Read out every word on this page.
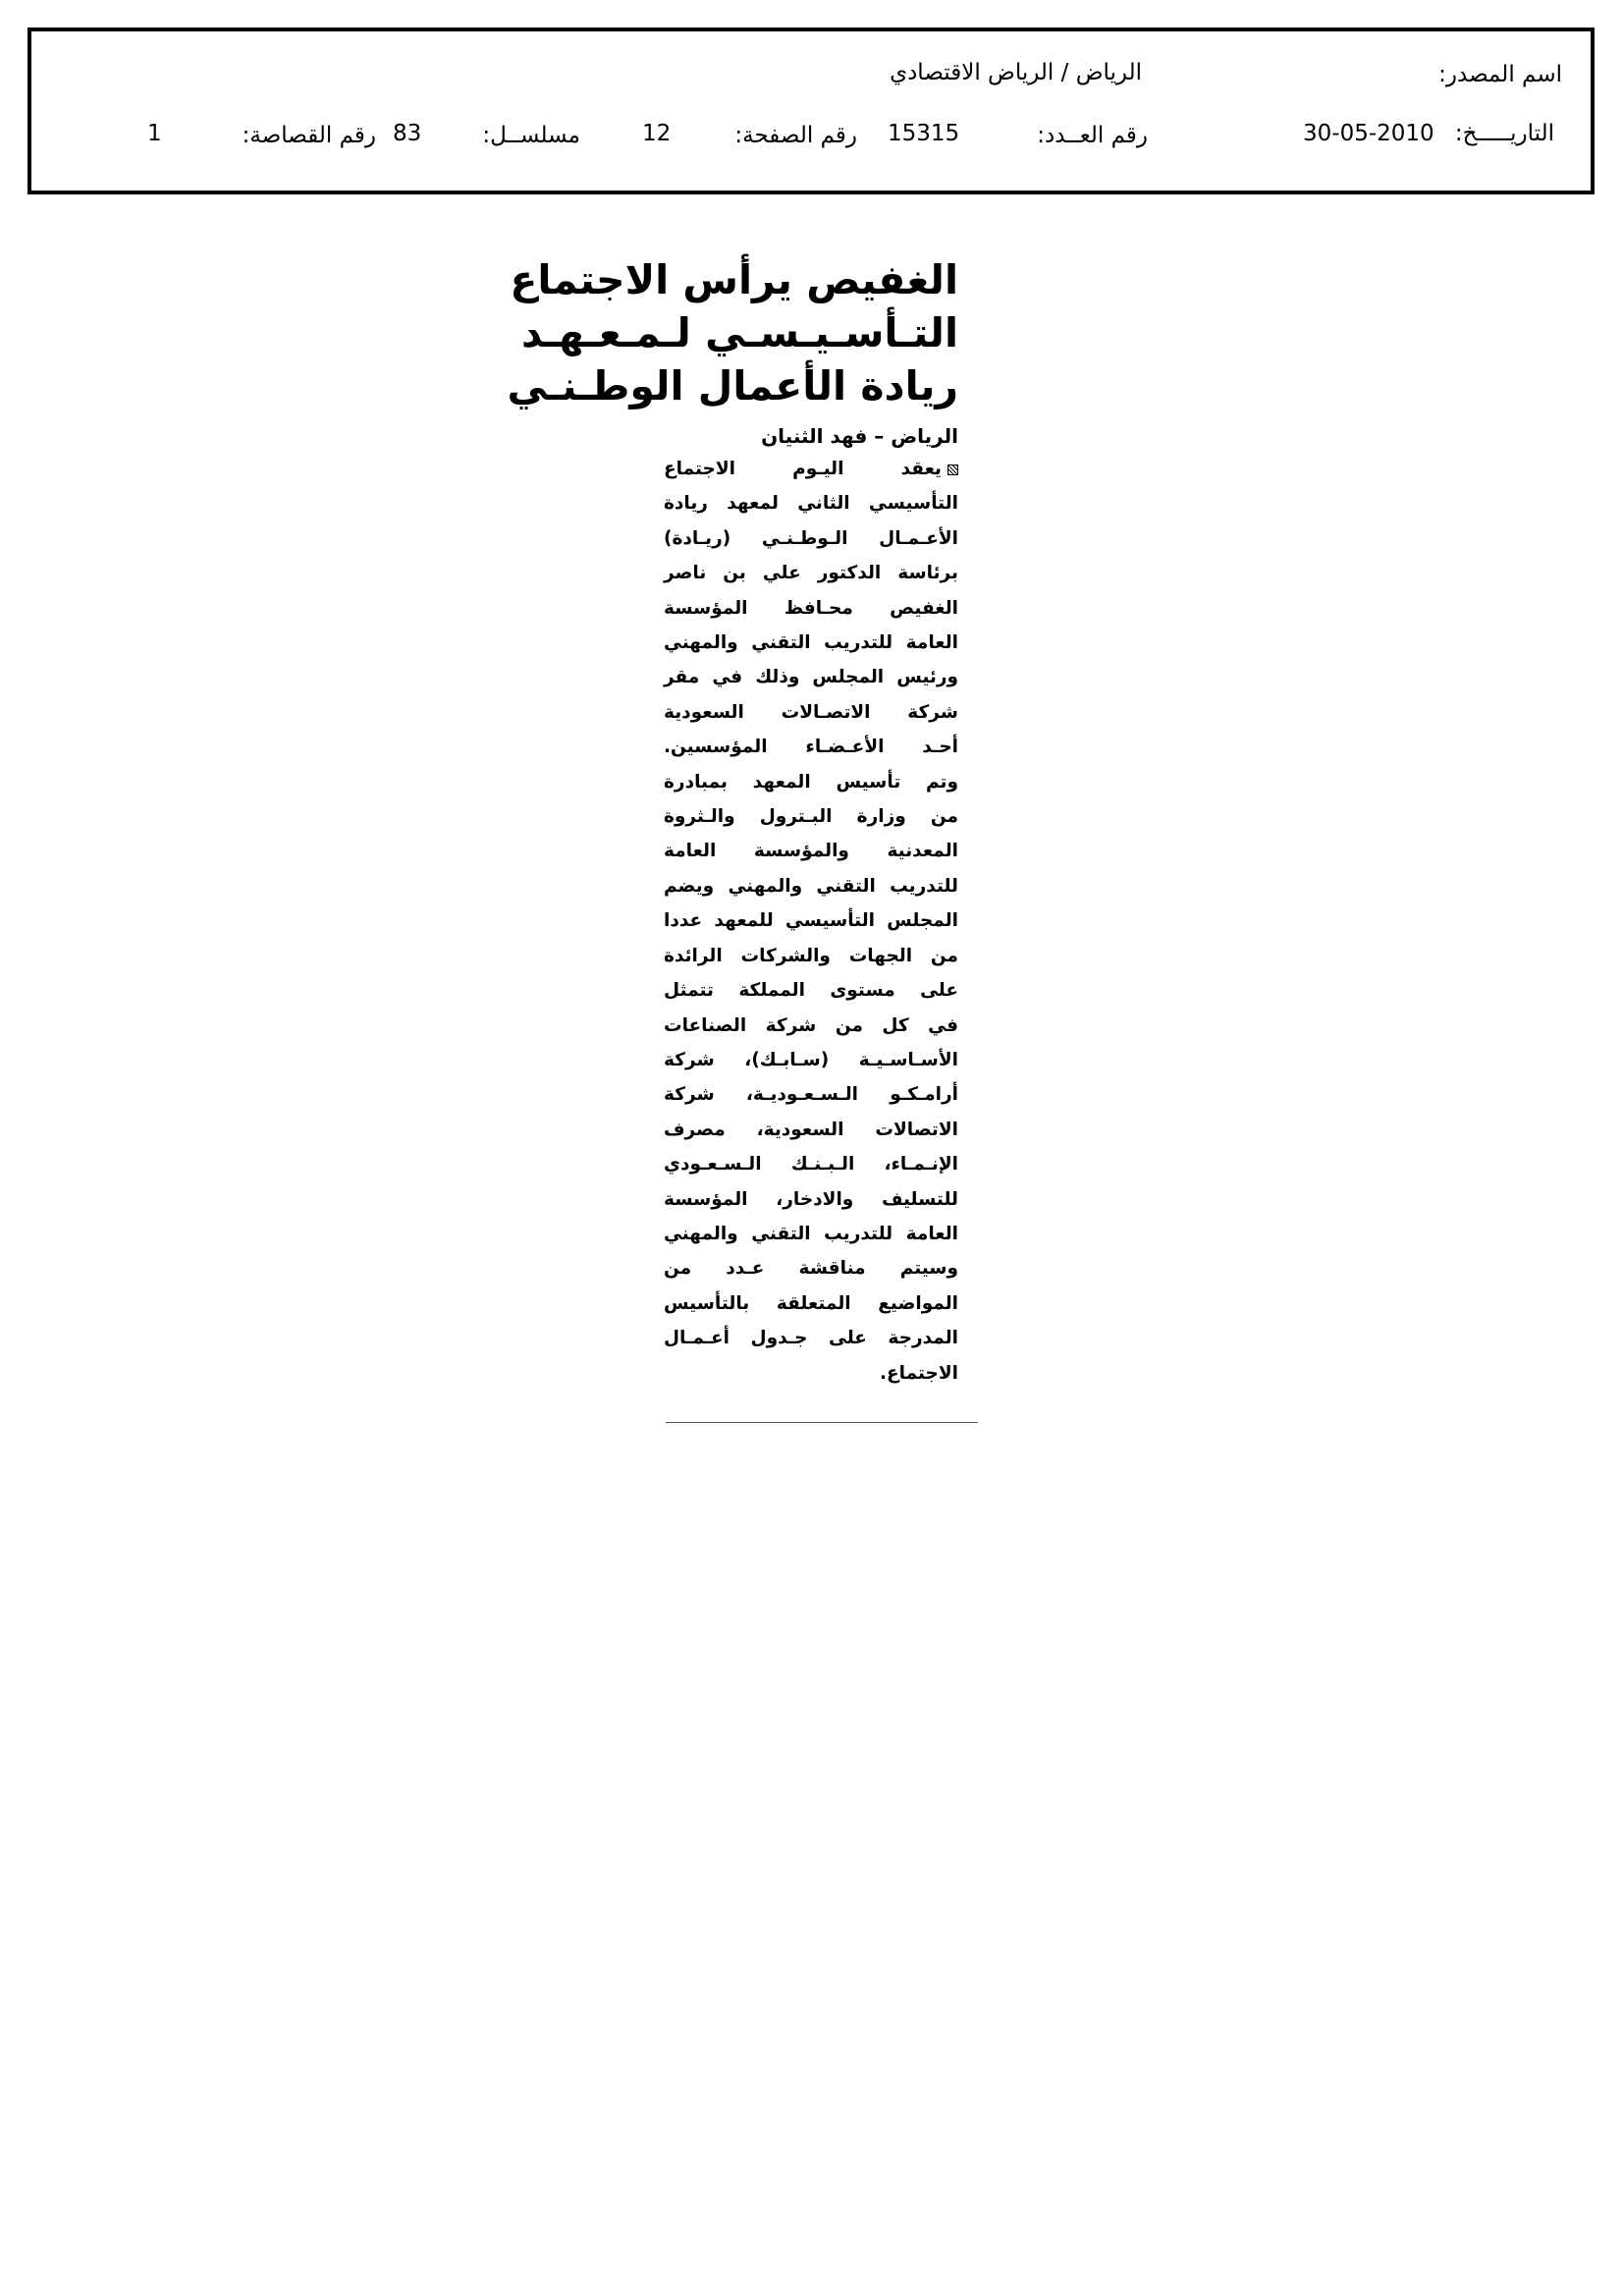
اسم المصدر:
الرياض / الرياض الاقتصادي
التاريـــــخ:
30-05-2010
رقم العــدد:
15315
رقم الصفحة:
12
مسلســل:
83
رقم القصاصة:
1
الغفيص يرأس الاجتماع
التـأسـيـسـي لـمـعـهـد
ريادة الأعمال الوطـنـي
الرياض – فهد الثنيان
يعقد اليـوم الاجتماع
التأسيسي الثاني لمعهد ريادة
الأعـمـال الـوطـنـي (ريـادة)
برئاسة الدكتور علي بن ناصر
الغفيص محـافظ المؤسسة
العامة للتدريب التقني والمهني
ورئيس المجلس وذلك في مقر
شركة الاتصـالات السعودية
أحـد الأعـضـاء المؤسسين.
وتم تأسيس المعهد بمبادرة
من وزارة البـترول والـثروة
المعدنية والمؤسسة العامة
للتدريب التقني والمهني ويضم
المجلس التأسيسي للمعهد عددا
من الجهات والشركات الرائدة
على مستوى المملكة تتمثل
في كل من شركة الصناعات
الأسـاسـيـة (سـابـك)، شركة
أرامـكـو الـسـعـوديـة، شركة
الاتصالات السعودية، مصرف
الإنـمـاء، الـبـنـك الـسـعـودي
للتسليف والادخار، المؤسسة
العامة للتدريب التقني والمهني
وسيتم مناقشة عـدد من
المواضيع المتعلقة بالتأسيس
المدرجة على جـدول أعـمـال
الاجتماع.
